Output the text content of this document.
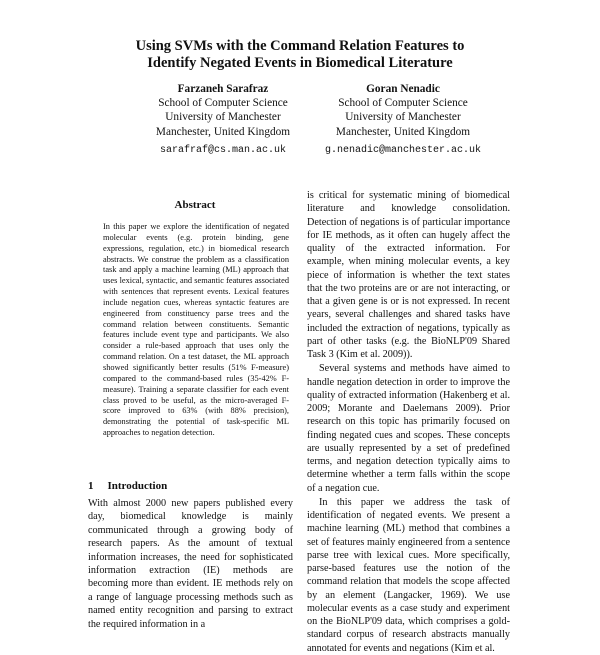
Using SVMs with the Command Relation Features to
Identify Negated Events in Biomedical Literature
Farzaneh Sarafraz
School of Computer Science
University of Manchester
Manchester, United Kingdom
sarafraf@cs.man.ac.uk
Goran Nenadic
School of Computer Science
University of Manchester
Manchester, United Kingdom
g.nenadic@manchester.ac.uk
Abstract
In this paper we explore the identification of negated molecular events (e.g. protein binding, gene expressions, regulation, etc.) in biomedical research abstracts. We construe the problem as a classification task and apply a machine learning (ML) approach that uses lexical, syntactic, and semantic features associated with sentences that represent events. Lexical features include negation cues, whereas syntactic features are engineered from constituency parse trees and the command relation between constituents. Semantic features include event type and participants. We also consider a rule-based approach that uses only the command relation. On a test dataset, the ML approach showed significantly better results (51% F-measure) compared to the command-based rules (35-42% F-measure). Training a separate classifier for each event class proved to be useful, as the micro-averaged F-score improved to 63% (with 88% precision), demonstrating the potential of task-specific ML approaches to negation detection.
1 Introduction
With almost 2000 new papers published every day, biomedical knowledge is mainly communicated through a growing body of research papers. As the amount of textual information increases, the need for sophisticated information extraction (IE) methods are becoming more than evident. IE methods rely on a range of language processing methods such as named entity recognition and parsing to extract the required information in a

is critical for systematic mining of biomedical literature and knowledge consolidation. Detection of negations is of particular importance for IE methods, as it often can hugely affect the quality of the extracted information. For example, when mining molecular events, a key piece of information is whether the text states that the two proteins are or are not interacting, or that a given gene is or is not expressed. In recent years, several challenges and shared tasks have included the extraction of negations, typically as part of other tasks (e.g. the BioNLP'09 Shared Task 3 (Kim et al. 2009)).

Several systems and methods have aimed to handle negation detection in order to improve the quality of extracted information (Hakenberg et al. 2009; Morante and Daelemans 2009). Prior research on this topic has primarily focused on finding negated cues and scopes. These concepts are usually represented by a set of predefined terms, and negation detection typically aims to determine whether a term falls within the scope of a negation cue.

In this paper we address the task of identification of negated events. We present a machine learning (ML) method that combines a set of features mainly engineered from a sentence parse tree with lexical cues. More specifically, parse-based features use the notion of the command relation that models the scope affected by an element (Langacker, 1969). We use molecular events as a case study and experiment on the BioNLP'09 data, which comprises a gold-standard corpus of research abstracts manually annotated for events and negations (Kim et al.
